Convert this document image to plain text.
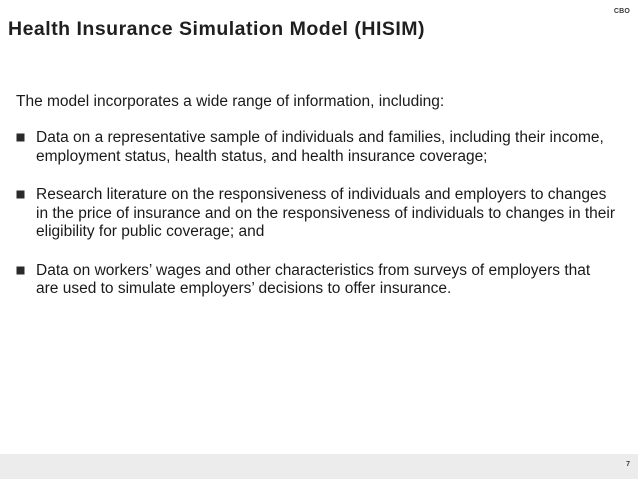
CBO
Health Insurance Simulation Model (HISIM)

The model incorporates a wide range of information, including:

Data on a representative sample of individuals and families, including their income, employment status, health status, and health insurance coverage;
Research literature on the responsiveness of individuals and employers to changes in the price of insurance and on the responsiveness of individuals to changes in their eligibility for public coverage; and
Data on workers’ wages and other characteristics from surveys of employers that are used to simulate employers’ decisions to offer insurance.
7
